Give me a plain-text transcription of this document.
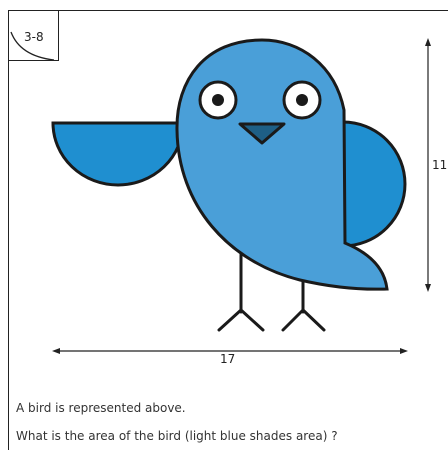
3-8
17
11
A bird is represented above.
What is the area of the bird (light blue shades area) ?
